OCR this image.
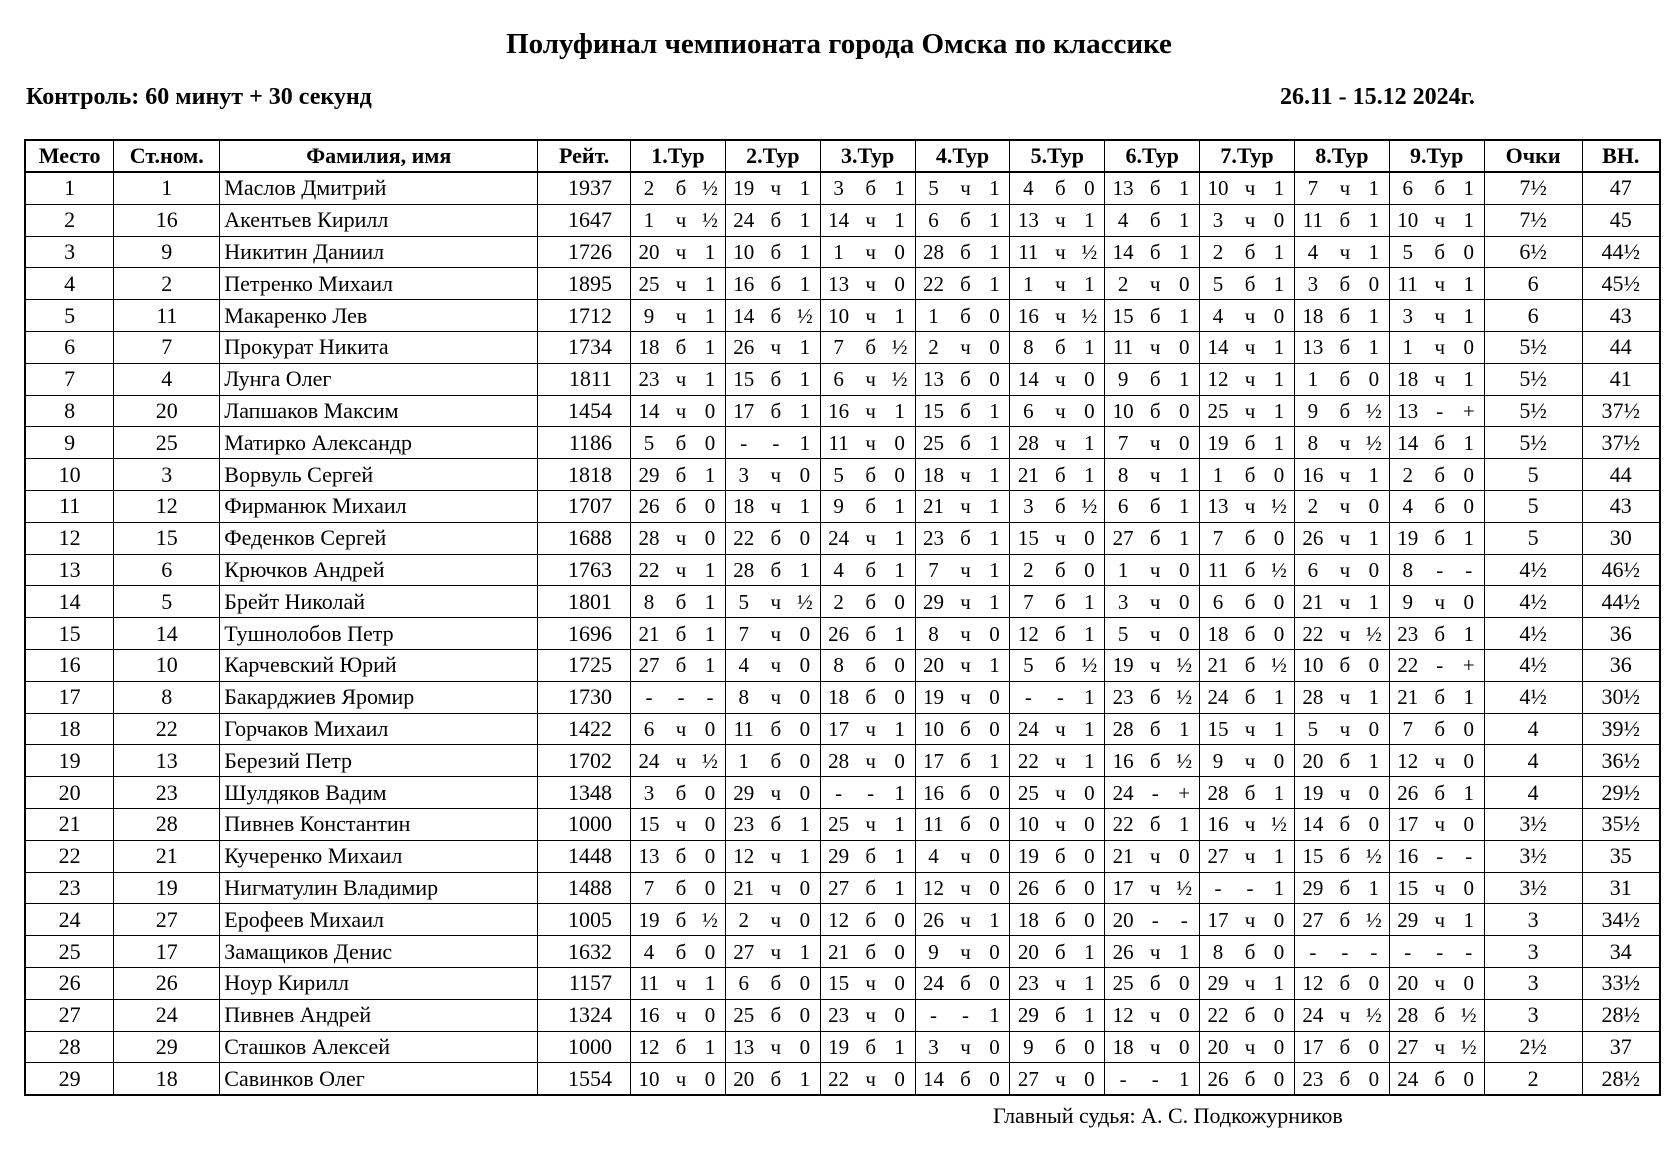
Полуфинал чемпионата города Омска по классике
Контроль: 60 минут + 30 секунд	26.11 - 15.12 2024г.
Место	Ст.ном.	Фамилия, имя	Рейт.	1.Тур			2.Тур			3.Тур			4.Тур			5.Тур			6.Тур			7.Тур			8.Тур			9.Тур			Очки	ВН.
1	1	Маслов Дмитрий	1937	2	б	½	19	ч	1	3	б	1	5	ч	1	4	б	0	13	б	1	10	ч	1	7	ч	1	6	б	1	7½	47
2	16	Акентьев Кирилл	1647	1	ч	½	24	б	1	14	ч	1	6	б	1	13	ч	1	4	б	1	3	ч	0	11	б	1	10	ч	1	7½	45
3	9	Никитин Даниил	1726	20	ч	1	10	б	1	1	ч	0	28	б	1	11	ч	½	14	б	1	2	б	1	4	ч	1	5	б	0	6½	44½
4	2	Петренко Михаил	1895	25	ч	1	16	б	1	13	ч	0	22	б	1	1	ч	1	2	ч	0	5	б	1	3	б	0	11	ч	1	6	45½
5	11	Макаренко Лев	1712	9	ч	1	14	б	½	10	ч	1	1	б	0	16	ч	½	15	б	1	4	ч	0	18	б	1	3	ч	1	6	43
6	7	Прокурат Никита	1734	18	б	1	26	ч	1	7	б	½	2	ч	0	8	б	1	11	ч	0	14	ч	1	13	б	1	1	ч	0	5½	44
7	4	Лунга Олег	1811	23	ч	1	15	б	1	6	ч	½	13	б	0	14	ч	0	9	б	1	12	ч	1	1	б	0	18	ч	1	5½	41
8	20	Лапшаков Максим	1454	14	ч	0	17	б	1	16	ч	1	15	б	1	6	ч	0	10	б	0	25	ч	1	9	б	½	13	-	+	5½	37½
9	25	Матирко Александр	1186	5	б	0	-	-	1	11	ч	0	25	б	1	28	ч	1	7	ч	0	19	б	1	8	ч	½	14	б	1	5½	37½
10	3	Ворвуль Сергей	1818	29	б	1	3	ч	0	5	б	0	18	ч	1	21	б	1	8	ч	1	1	б	0	16	ч	1	2	б	0	5	44
11	12	Фирманюк Михаил	1707	26	б	0	18	ч	1	9	б	1	21	ч	1	3	б	½	6	б	1	13	ч	½	2	ч	0	4	б	0	5	43
12	15	Феденков Сергей	1688	28	ч	0	22	б	0	24	ч	1	23	б	1	15	ч	0	27	б	1	7	б	0	26	ч	1	19	б	1	5	30
13	6	Крючков Андрей	1763	22	ч	1	28	б	1	4	б	1	7	ч	1	2	б	0	1	ч	0	11	б	½	6	ч	0	8	-	-	4½	46½
14	5	Брейт Николай	1801	8	б	1	5	ч	½	2	б	0	29	ч	1	7	б	1	3	ч	0	6	б	0	21	ч	1	9	ч	0	4½	44½
15	14	Тушнолобов Петр	1696	21	б	1	7	ч	0	26	б	1	8	ч	0	12	б	1	5	ч	0	18	б	0	22	ч	½	23	б	1	4½	36
16	10	Карчевский Юрий	1725	27	б	1	4	ч	0	8	б	0	20	ч	1	5	б	½	19	ч	½	21	б	½	10	б	0	22	-	+	4½	36
17	8	Бакарджиев Яромир	1730	-	-	-	8	ч	0	18	б	0	19	ч	0	-	-	1	23	б	½	24	б	1	28	ч	1	21	б	1	4½	30½
18	22	Горчаков Михаил	1422	6	ч	0	11	б	0	17	ч	1	10	б	0	24	ч	1	28	б	1	15	ч	1	5	ч	0	7	б	0	4	39½
19	13	Березий Петр	1702	24	ч	½	1	б	0	28	ч	0	17	б	1	22	ч	1	16	б	½	9	ч	0	20	б	1	12	ч	0	4	36½
20	23	Шулдяков Вадим	1348	3	б	0	29	ч	0	-	-	1	16	б	0	25	ч	0	24	-	+	28	б	1	19	ч	0	26	б	1	4	29½
21	28	Пивнев Константин	1000	15	ч	0	23	б	1	25	ч	1	11	б	0	10	ч	0	22	б	1	16	ч	½	14	б	0	17	ч	0	3½	35½
22	21	Кучеренко Михаил	1448	13	б	0	12	ч	1	29	б	1	4	ч	0	19	б	0	21	ч	0	27	ч	1	15	б	½	16	-	-	3½	35
23	19	Нигматулин Владимир	1488	7	б	0	21	ч	0	27	б	1	12	ч	0	26	б	0	17	ч	½	-	-	1	29	б	1	15	ч	0	3½	31
24	27	Ерофеев Михаил	1005	19	б	½	2	ч	0	12	б	0	26	ч	1	18	б	0	20	-	-	17	ч	0	27	б	½	29	ч	1	3	34½
25	17	Замащиков Денис	1632	4	б	0	27	ч	1	21	б	0	9	ч	0	20	б	1	26	ч	1	8	б	0	-	-	-	-	-	-	3	34
26	26	Ноур Кирилл	1157	11	ч	1	6	б	0	15	ч	0	24	б	0	23	ч	1	25	б	0	29	ч	1	12	б	0	20	ч	0	3	33½
27	24	Пивнев Андрей	1324	16	ч	0	25	б	0	23	ч	0	-	-	1	29	б	1	12	ч	0	22	б	0	24	ч	½	28	б	½	3	28½
28	29	Сташков Алексей	1000	12	б	1	13	ч	0	19	б	1	3	ч	0	9	б	0	18	ч	0	20	ч	0	17	б	0	27	ч	½	2½	37
29	18	Савинков Олег	1554	10	ч	0	20	б	1	22	ч	0	14	б	0	27	ч	0	-	-	1	26	б	0	23	б	0	24	б	0	2	28½
Главный судья: А. С. Подкожурников
